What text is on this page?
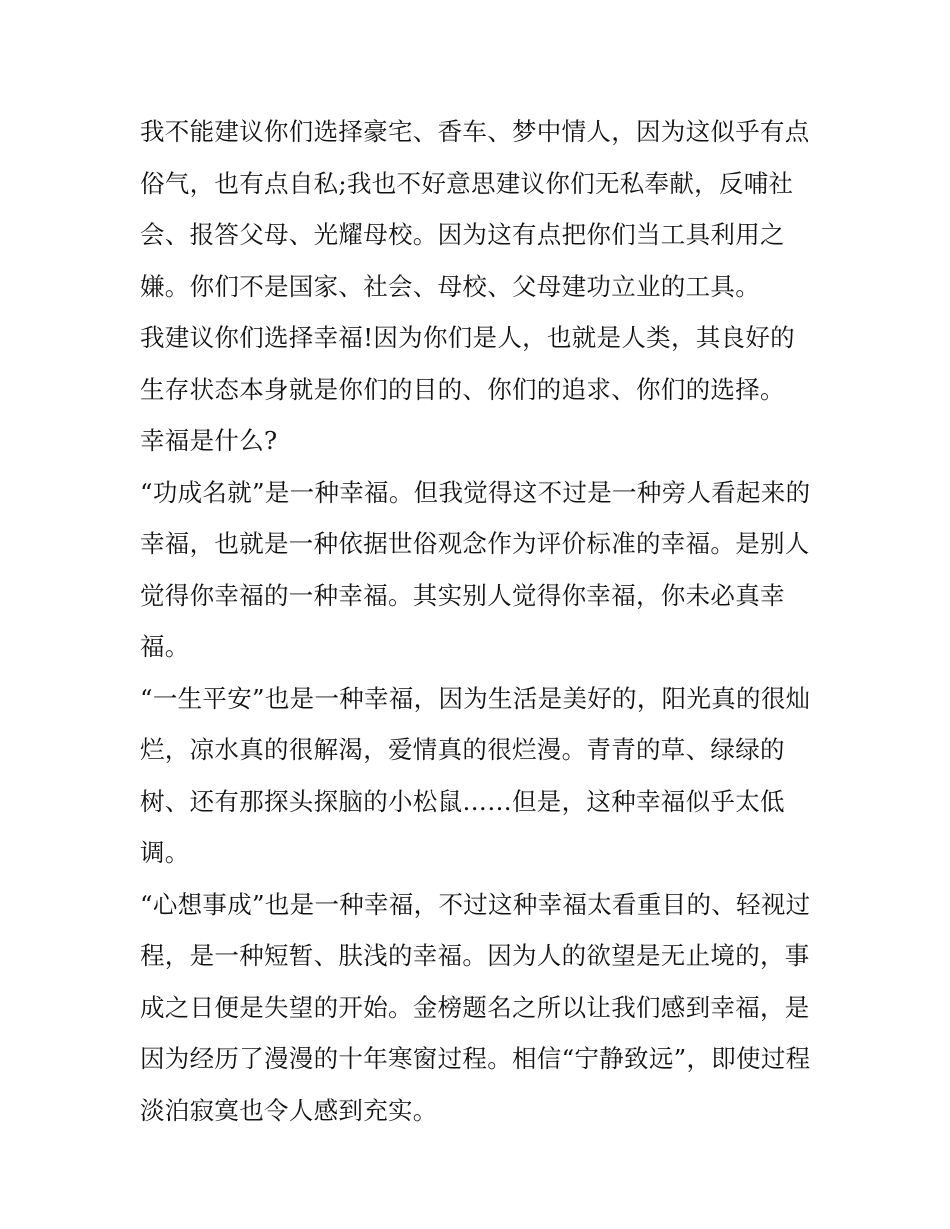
我不能建议你们选择豪宅、香车、梦中情人，因为这似乎有点
俗气，也有点自私;我也不好意思建议你们无私奉献，反哺社
会、报答父母、光耀母校。因为这有点把你们当工具利用之
嫌。你们不是国家、社会、母校、父母建功立业的工具。
我建议你们选择幸福!因为你们是人，也就是人类，其良好的
生存状态本身就是你们的目的、你们的追求、你们的选择。
幸福是什么?
“功成名就”是一种幸福。但我觉得这不过是一种旁人看起来的
幸福，也就是一种依据世俗观念作为评价标准的幸福。是别人
觉得你幸福的一种幸福。其实别人觉得你幸福，你未必真幸
福。
“一生平安”也是一种幸福，因为生活是美好的，阳光真的很灿
烂，凉水真的很解渴，爱情真的很烂漫。青青的草、绿绿的
树、还有那探头探脑的小松鼠……但是，这种幸福似乎太低
调。
“心想事成”也是一种幸福，不过这种幸福太看重目的、轻视过
程，是一种短暂、肤浅的幸福。因为人的欲望是无止境的，事
成之日便是失望的开始。金榜题名之所以让我们感到幸福，是
因为经历了漫漫的十年寒窗过程。相信“宁静致远”，即使过程
淡泊寂寞也令人感到充实。
